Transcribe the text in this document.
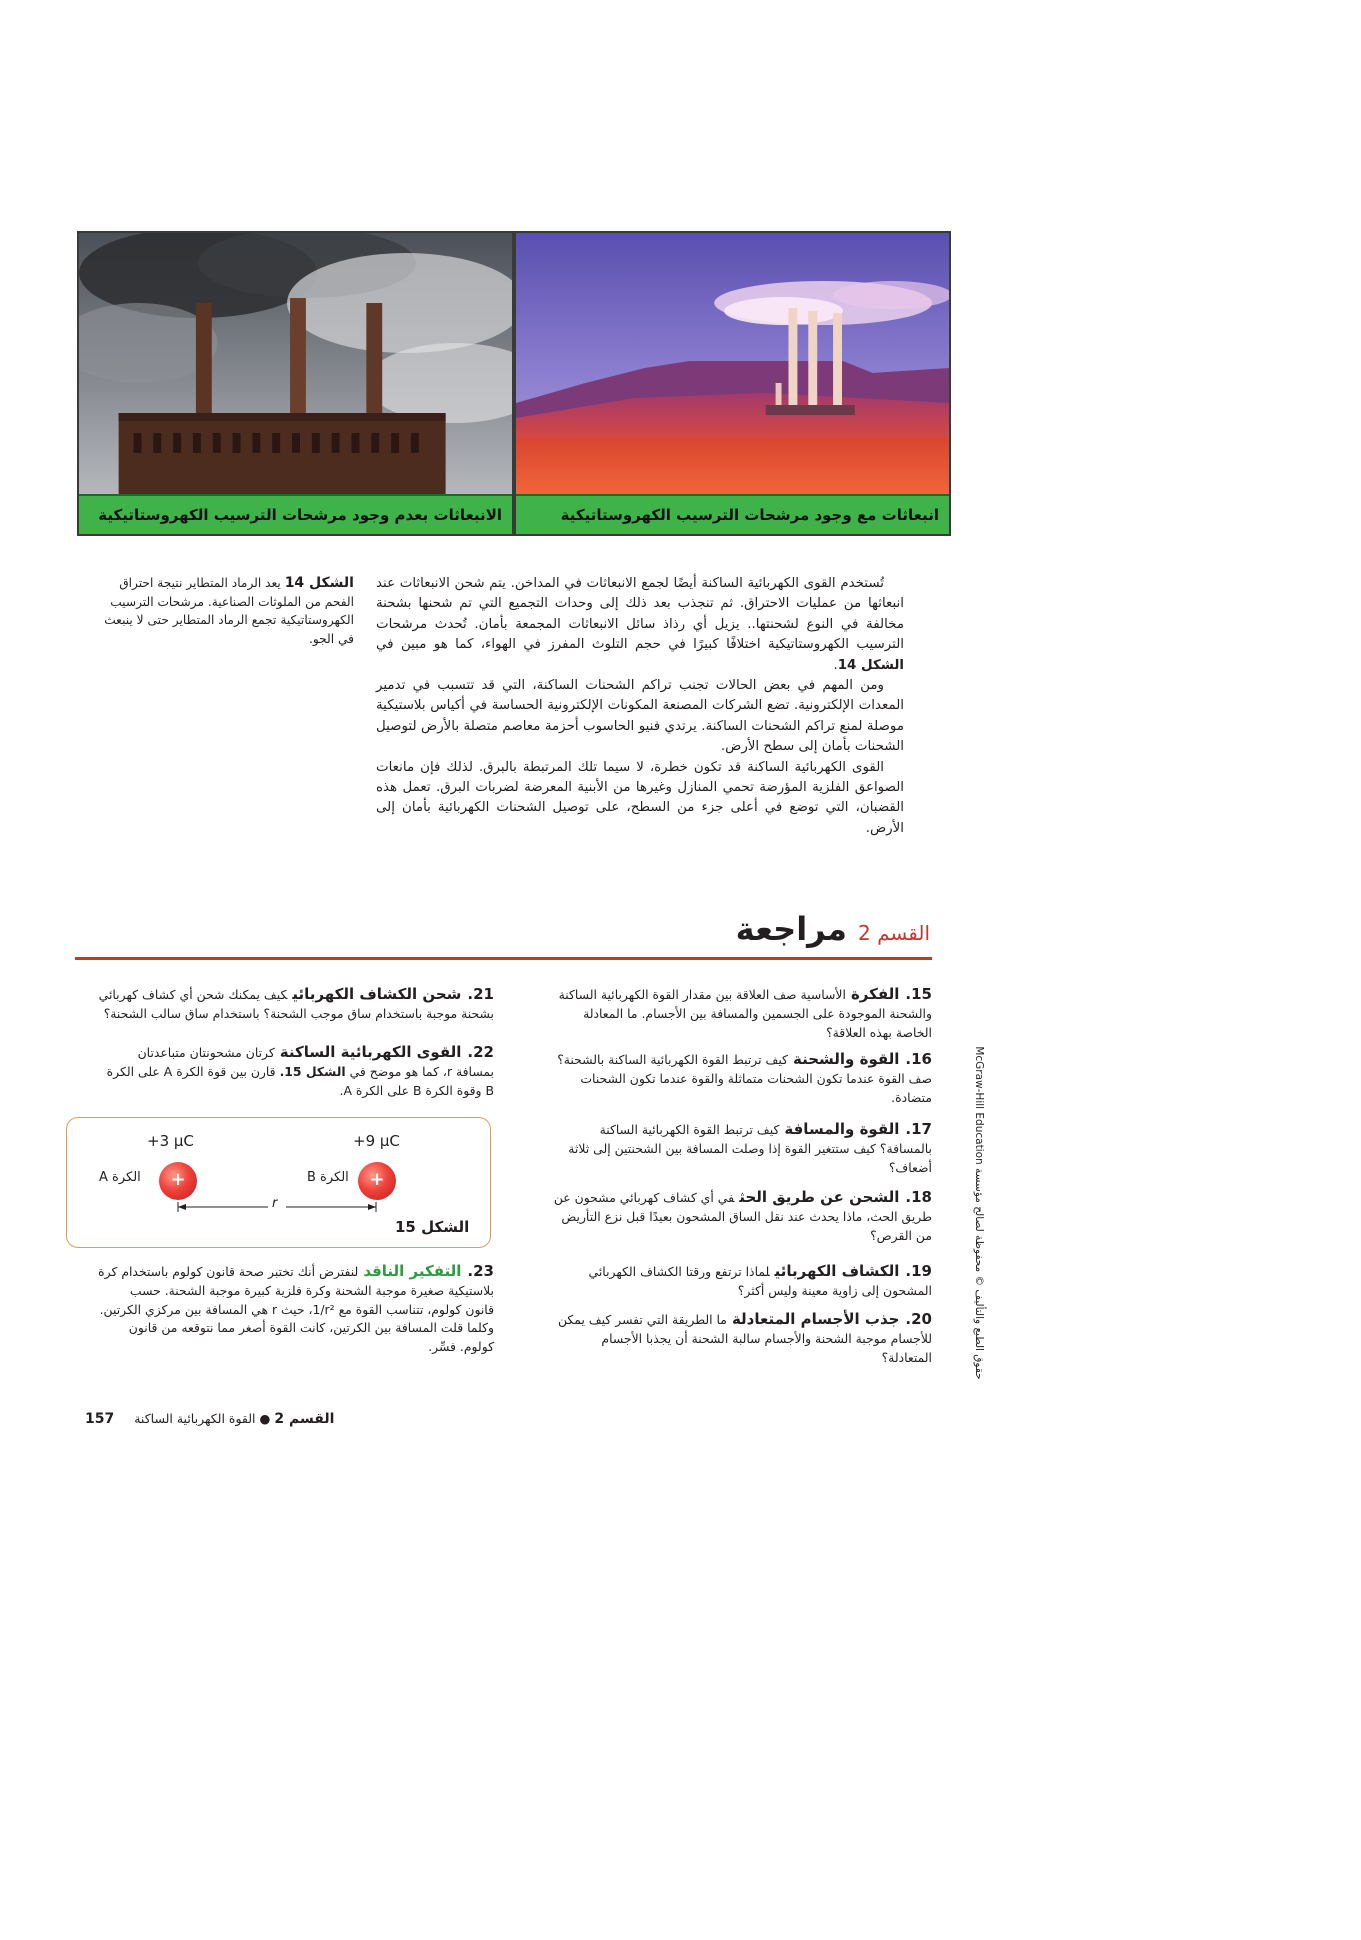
انبعاثات مع وجود مرشحات الترسيب الكهروستاتيكية
الانبعاثات بعدم وجود مرشحات الترسيب الكهروستاتيكية

تُستخدم القوى الكهربائية الساكنة أيضًا لجمع الانبعاثات في المداخن. يتم شحن الانبعاثات عند انبعاثها من عمليات الاحتراق. ثم تنجذب بعد ذلك إلى وحدات التجميع التي تم شحنها بشحنة مخالفة في النوع لشحنتها.. يزيل أي رذاذ سائل الانبعاثات المجمعة بأمان. تُحدث مرشحات الترسيب الكهروستاتيكية اختلافًا كبيرًا في حجم التلوث المفرز في الهواء، كما هو مبين في الشكل 14.

ومن المهم في بعض الحالات تجنب تراكم الشحنات الساكنة، التي قد تتسبب في تدمير المعدات الإلكترونية. تضع الشركات المصنعة المكونات الإلكترونية الحساسة في أكياس بلاستيكية موصلة لمنع تراكم الشحنات الساكنة. يرتدي فنيو الحاسوب أحزمة معاصم متصلة بالأرض لتوصيل الشحنات بأمان إلى سطح الأرض.

القوى الكهربائية الساكنة قد تكون خطرة، لا سيما تلك المرتبطة بالبرق. لذلك فإن مانعات الصواعق الفلزية المؤرضة تحمي المنازل وغيرها من الأبنية المعرضة لضربات البرق. تعمل هذه القضبان، التي توضع في أعلى جزء من السطح، على توصيل الشحنات الكهربائية بأمان إلى الأرض.

الشكل 14 يعد الرماد المتطاير نتيجة احتراق الفحم من الملوثات الصناعية. مرشحات الترسيب الكهروستاتيكية تجمع الرماد المتطاير حتى لا ينبعث في الجو.
القسم 2 مراجعة
15.الفكرةالأساسية صف العلاقة بين مقدار القوة الكهربائية الساكنة والشحنة الموجودة على الجسمين والمسافة بين الأجسام. ما المعادلة الخاصة بهذه العلاقة؟
16.القوة والشحنةكيف ترتبط القوة الكهربائية الساكنة بالشحنة؟ صف القوة عندما تكون الشحنات متماثلة والقوة عندما تكون الشحنات متضادة.
17.القوة والمسافةكيف ترتبط القوة الكهربائية الساكنة بالمسافة؟ كيف ستتغير القوة إذا وصلت المسافة بين الشحنتين إلى ثلاثة أضعاف؟
18.الشحن عن طريق الحثفي أي كشاف كهربائي مشحون عن طريق الحث، ماذا يحدث عند نقل الساق المشحون بعيدًا قبل نزع التأريض من القرص؟
19.الكشاف الكهربائيلماذا ترتفع ورقتا الكشاف الكهربائي المشحون إلى زاوية معينة وليس أكثر؟
20.جذب الأجسام المتعادلةما الطريقة التي تفسر كيف يمكن للأجسام موجبة الشحنة والأجسام سالبة الشحنة أن يجذبا الأجسام المتعادلة؟
21.شحن الكشاف الكهربائيكيف يمكنك شحن أي كشاف كهربائي بشحنة موجبة باستخدام ساق موجب الشحنة؟ باستخدام ساق سالب الشحنة؟
22.القوى الكهربائية الساكنةكرتان مشحونتان متباعدتان بمسافة r، كما هو موضح في الشكل 15. قارن بين قوة الكرة A على الكرة B وقوة الكرة B على الكرة A.
+3 μC	+9 μC
+	+
الكرة A	الكرة B
r
الشكل 15
23.التفكير الناقدلنفترض أنك تختبر صحة قانون كولوم باستخدام كرة بلاستيكية صغيرة موجبة الشحنة وكرة فلزية كبيرة موجبة الشحنة. حسب قانون كولوم، تتناسب القوة مع 1/r²، حيث r هي المسافة بين مركزي الكرتين. وكلما قلت المسافة بين الكرتين، كانت القوة أصغر مما نتوقعه من قانون كولوم. فسِّر.
القسم 2 ● القوة الكهربائية الساكنة 157
حقوق الطبع والتأليف © محفوظة لصالح مؤسسة McGraw-Hill Education
